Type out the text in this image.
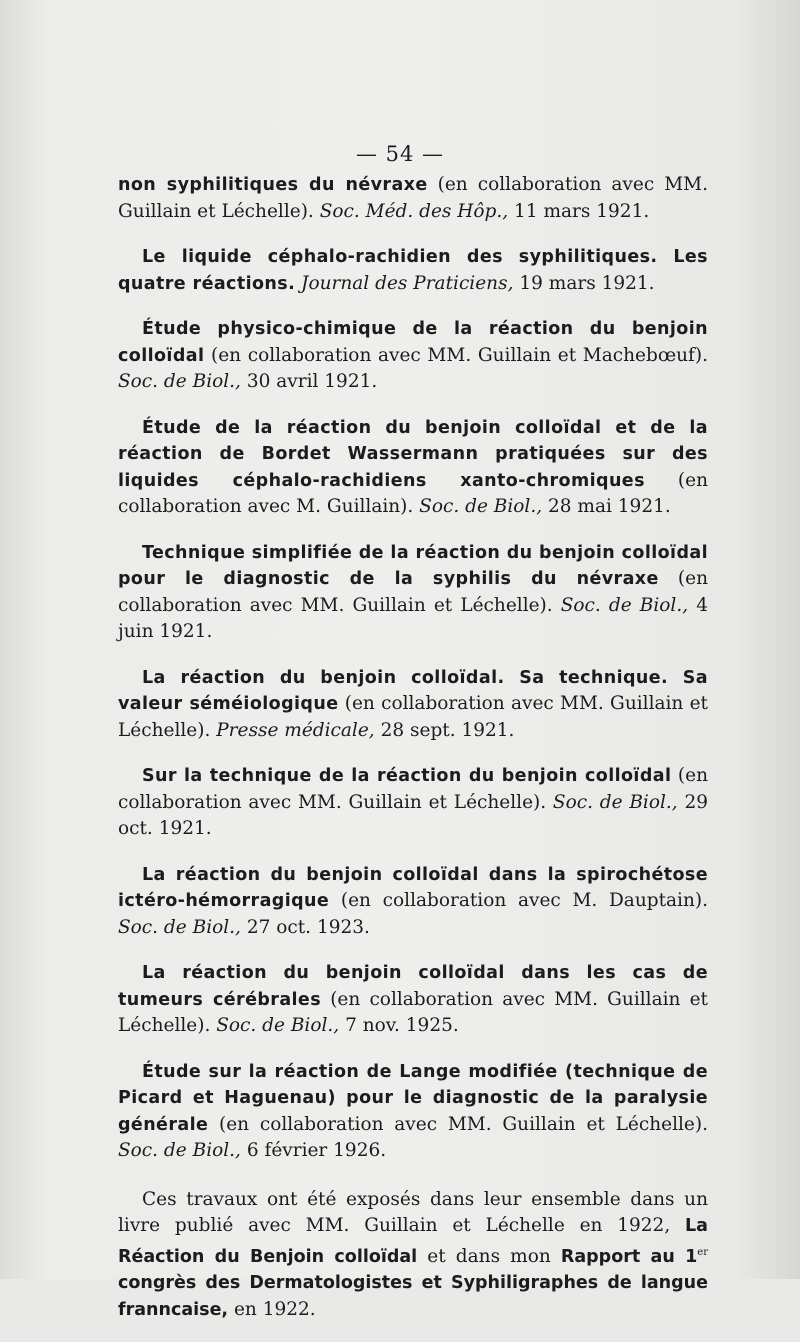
— 54 —

non syphilitiques du névraxe (en collaboration avec MM. Guillain et Léchelle). Soc. Méd. des Hôp., 11 mars 1921.

Le liquide céphalo-rachidien des syphilitiques. Les quatre réactions. Journal des Praticiens, 19 mars 1921.

Étude physico-chimique de la réaction du benjoin colloïdal (en collaboration avec MM. Guillain et Machebœuf). Soc. de Biol., 30 avril 1921.

Étude de la réaction du benjoin colloïdal et de la réaction de Bordet Wassermann pratiquées sur des liquides céphalo-rachidiens xanto-chromiques (en collaboration avec M. Guillain). Soc. de Biol., 28 mai 1921.

Technique simplifiée de la réaction du benjoin colloïdal pour le diagnostic de la syphilis du névraxe (en collaboration avec MM. Guillain et Léchelle). Soc. de Biol., 4 juin 1921.

La réaction du benjoin colloïdal. Sa technique. Sa valeur séméiologique (en collaboration avec MM. Guillain et Léchelle). Presse médicale, 28 sept. 1921.

Sur la technique de la réaction du benjoin colloïdal (en collaboration avec MM. Guillain et Léchelle). Soc. de Biol., 29 oct. 1921.

La réaction du benjoin colloïdal dans la spirochétose ictéro-hémorragique (en collaboration avec M. Dauptain). Soc. de Biol., 27 oct. 1923.

La réaction du benjoin colloïdal dans les cas de tumeurs cérébrales (en collaboration avec MM. Guillain et Léchelle). Soc. de Biol., 7 nov. 1925.

Étude sur la réaction de Lange modifiée (technique de Picard et Haguenau) pour le diagnostic de la paralysie générale (en collaboration avec MM. Guillain et Léchelle). Soc. de Biol., 6 février 1926.

Ces travaux ont été exposés dans leur ensemble dans un livre publié avec MM. Guillain et Léchelle en 1922, La Réaction du Benjoin colloïdal et dans mon Rapport au 1er congrès des Dermatologistes et Syphiligraphes de langue franncaise, en 1922.
